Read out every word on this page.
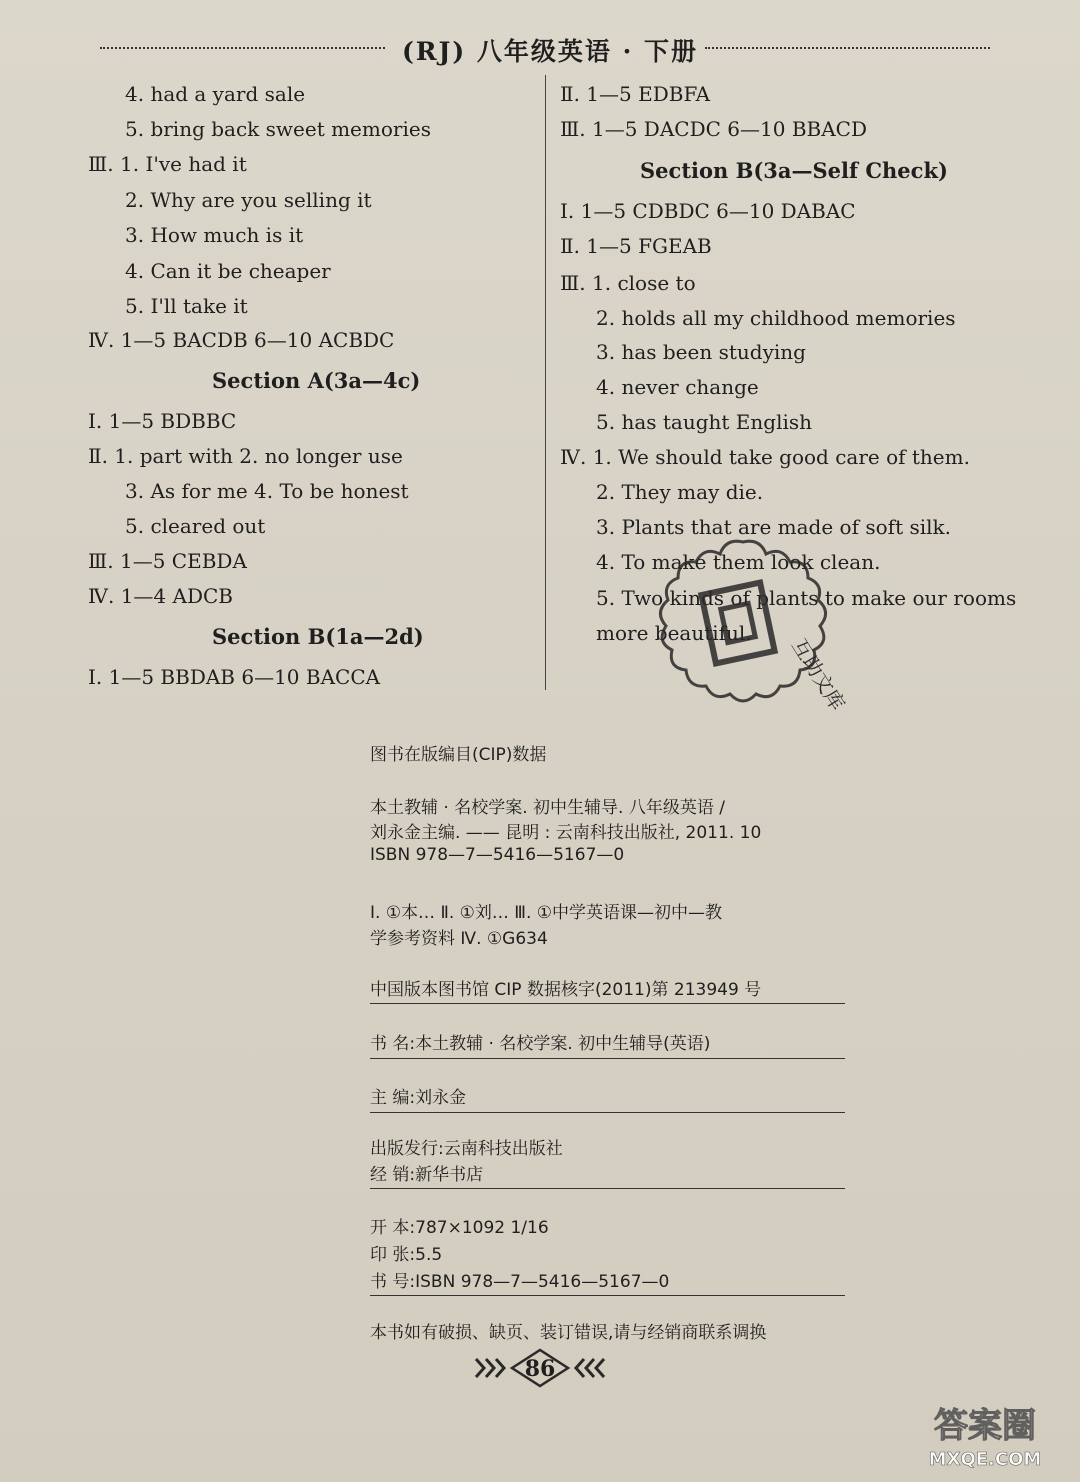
(RJ) 八年级英语 · 下册
4. had a yard sale
5. bring back sweet memories
Ⅲ. 1. I've had it
2. Why are you selling it
3. How much is it
4. Can it be cheaper
5. I'll take it
Ⅳ. 1—5 BACDB 6—10 ACBDC
Section A(3a—4c)
Ⅰ. 1—5 BDBBC
Ⅱ. 1. part with 2. no longer use
3. As for me 4. To be honest
5. cleared out
Ⅲ. 1—5 CEBDA
Ⅳ. 1—4 ADCB
Section B(1a—2d)
Ⅰ. 1—5 BBDAB 6—10 BACCA
Ⅱ. 1—5 EDBFA
Ⅲ. 1—5 DACDC 6—10 BBACD
Section B(3a—Self Check)
Ⅰ. 1—5 CDBDC 6—10 DABAC
Ⅱ. 1—5 FGEAB
Ⅲ. 1. close to
2. holds all my childhood memories
3. has been studying
4. never change
5. has taught English
Ⅳ. 1. We should take good care of them.
2. They may die.
3. Plants that are made of soft silk.
4. To make them look clean.
5. Two kinds of plants to make our rooms
more beautiful.
互助文库
图书在版编目(CIP)数据
本土教辅 · 名校学案. 初中生辅导. 八年级英语 /
刘永金主编. —— 昆明 : 云南科技出版社, 2011. 10
ISBN 978—7—5416—5167—0
Ⅰ. ①本… Ⅱ. ①刘… Ⅲ. ①中学英语课—初中—教
学参考资料 Ⅳ. ①G634
中国版本图书馆 CIP 数据核字(2011)第 213949 号
书 名:本土教辅 · 名校学案. 初中生辅导(英语)
主 编:刘永金
出版发行:云南科技出版社
经 销:新华书店
开 本:787×1092 1/16
印 张:5.5
书 号:ISBN 978—7—5416—5167—0
本书如有破损、缺页、装订错误,请与经销商联系调换
86
答案圈
MXQE.COM
